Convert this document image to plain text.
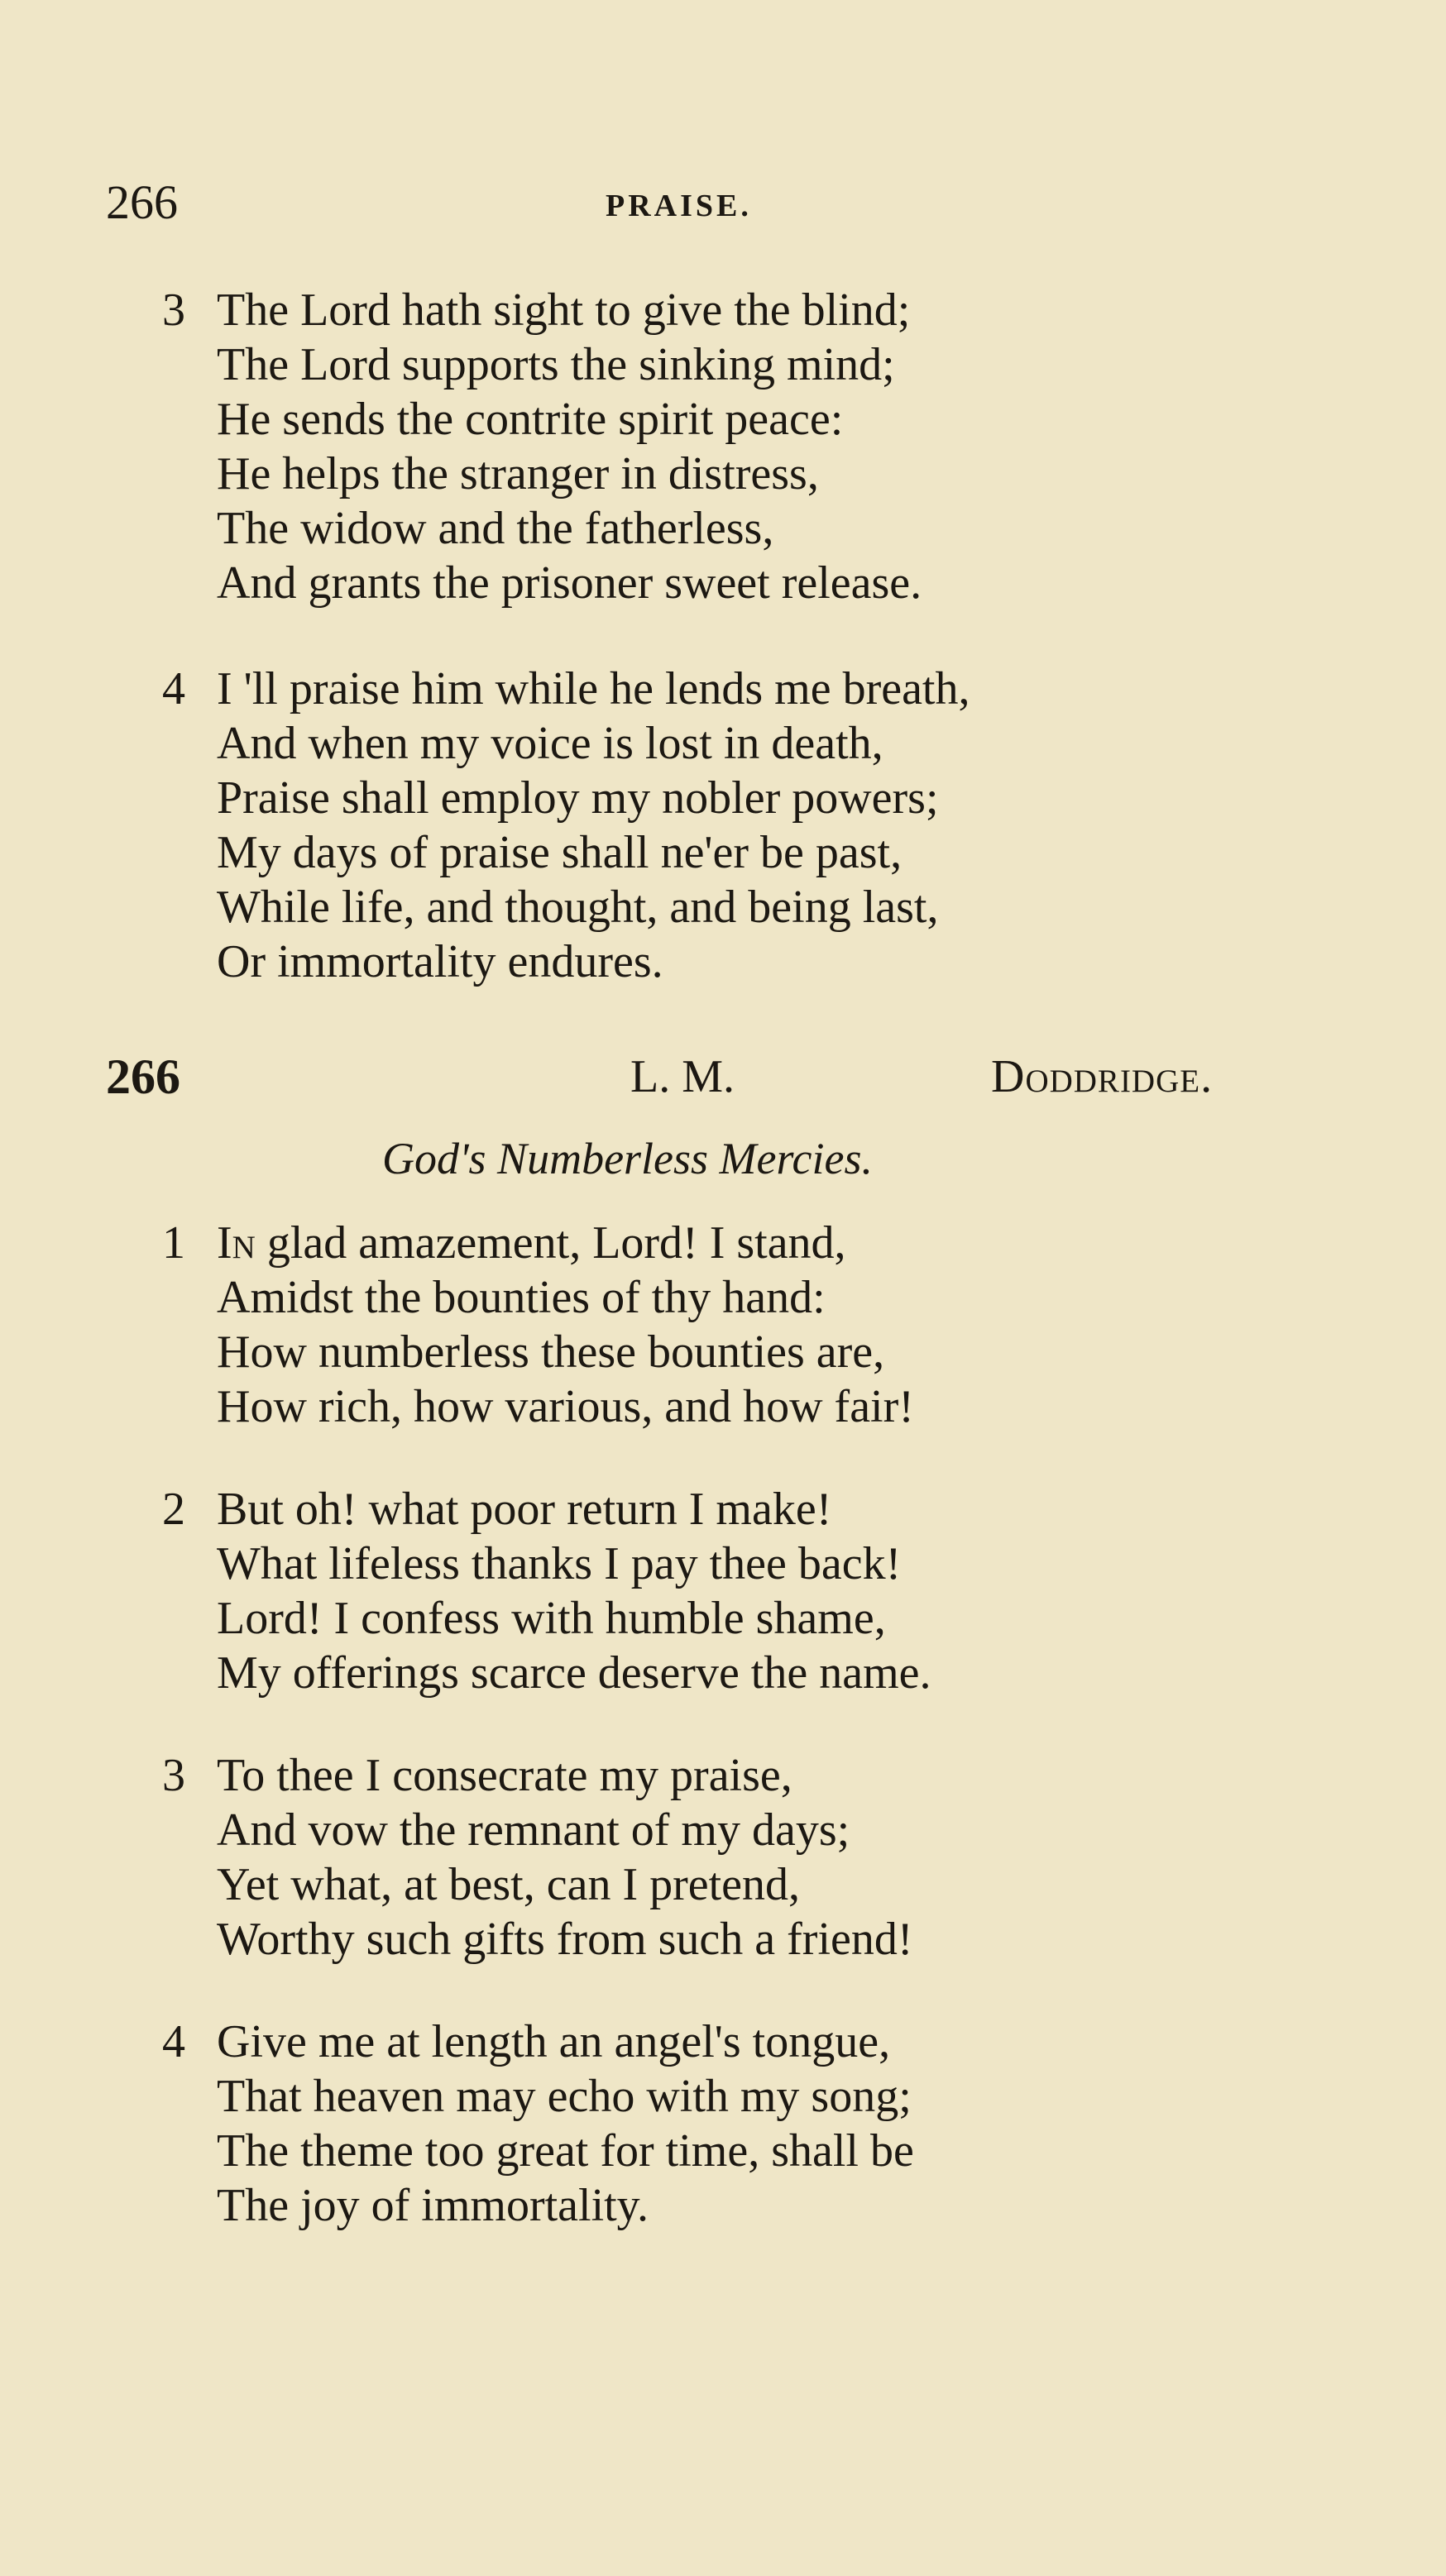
266	PRAISE.
3 The Lord hath sight to give the blind;
The Lord supports the sinking mind;
He sends the contrite spirit peace:
He helps the stranger in distress,
The widow and the fatherless,
And grants the prisoner sweet release.
4 I 'll praise him while he lends me breath,
And when my voice is lost in death,
Praise shall employ my nobler powers;
My days of praise shall ne'er be past,
While life, and thought, and being last,
Or immortality endures.
266	L. M.	Doddridge.
God's Numberless Mercies.
1 In glad amazement, Lord! I stand,
Amidst the bounties of thy hand:
How numberless these bounties are,
How rich, how various, and how fair!
2 But oh! what poor return I make!
What lifeless thanks I pay thee back!
Lord! I confess with humble shame,
My offerings scarce deserve the name.
3 To thee I consecrate my praise,
And vow the remnant of my days;
Yet what, at best, can I pretend,
Worthy such gifts from such a friend!
4 Give me at length an angel's tongue,
That heaven may echo with my song;
The theme too great for time, shall be
The joy of immortality.
